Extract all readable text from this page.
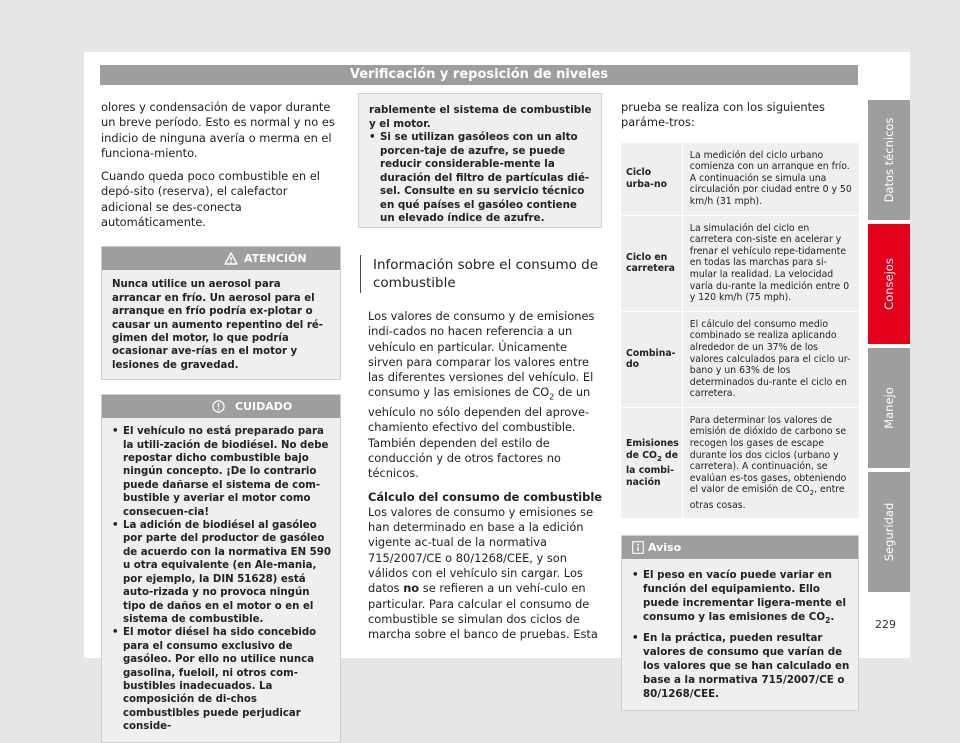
Verificación y reposición de niveles

olores y condensación de vapor durante un breve período. Esto es normal y no es indicio de ninguna avería o merma en el funciona-miento.

Cuando queda poco combustible en el depó-sito (reserva), el calefactor adicional se des-conecta automáticamente.

ATENCIÓN
Nunca utilice un aerosol para arrancar en frío. Un aerosol para el arranque en frío podría ex-plotar o causar un aumento repentino del ré-gimen del motor, lo que podría ocasionar ave-rías en el motor y lesiones de gravedad.
CUIDADO
• El vehículo no está preparado para la utili-zación de biodiésel. No debe repostar dicho combustible bajo ningún concepto. ¡De lo contrario puede dañarse el sistema de com-bustible y averiar el motor como consecuen-cia!
• La adición de biodiésel al gasóleo por parte del productor de gasóleo de acuerdo con la normativa EN 590 u otra equivalente (en Ale-mania, por ejemplo, la DIN 51628) está auto-rizada y no provoca ningún tipo de daños en el motor o en el sistema de combustible.
• El motor diésel ha sido concebido para el consumo exclusivo de gasóleo. Por ello no utilice nunca gasolina, fueloil, ni otros com-bustibles inadecuados. La composición de di-chos combustibles puede perjudicar conside-
rablemente el sistema de combustible y el motor.
• Si se utilizan gasóleos con un alto porcen-taje de azufre, se puede reducir considerable-mente la duración del filtro de partículas dié-sel. Consulte en su servicio técnico en qué países el gasóleo contiene un elevado índice de azufre.
Información sobre el consumo de combustible

Los valores de consumo y de emisiones indi-cados no hacen referencia a un vehículo en particular. Únicamente sirven para comparar los valores entre las diferentes versiones del vehículo. El consumo y las emisiones de $CO_2$ de un vehículo no sólo dependen del aprove-chamiento efectivo del combustible. También dependen del estilo de conducción y de otros factores no técnicos.

Cálculo del consumo de combustible

Los valores de consumo y emisiones se han determinado en base a la edición vigente ac-tual de la normativa 715/2007/CE o 80/1268/CEE, y son válidos con el vehículo sin cargar. Los datos no se refieren a un vehí-culo en particular. Para calcular el consumo de combustible se simulan dos ciclos de marcha sobre el banco de pruebas. Esta

prueba se realiza con los siguientes paráme-tros:

Ciclo urba-no	La medición del ciclo urbano comienza con un arranque en frío. A continuación se simula una circulación por ciudad entre 0 y 50 km/h (31 mph).
Ciclo en carretera	La simulación del ciclo en carretera con-siste en acelerar y frenar el vehículo repe-tidamente en todas las marchas para si-mular la realidad. La velocidad varía du-rante la medición entre 0 y 120 km/h (75 mph).
Combina-do	El cálculo del consumo medio combinado se realiza aplicando alrededor de un 37% de los valores calculados para el ciclo ur-bano y un 63% de los determinados du-rante el ciclo en carretera.
Emisiones de $CO_2$ de la combi-nación	Para determinar los valores de emisión de dióxido de carbono se recogen los gases de escape durante los dos ciclos (urbano y carretera). A continuación, se evalúan es-tos gases, obteniendo el valor de emisión de $CO_2$, entre otras cosas.
Aviso
• El peso en vacío puede variar en función del equipamiento. Ello puede incrementar ligera-mente el consumo y las emisiones de $CO_2$.
• En la práctica, pueden resultar valores de consumo que varían de los valores que se han calculado en base a la normativa 715/2007/CE o 80/1268/CEE.
Datos técnicos
Consejos
Manejo
Seguridad
229
